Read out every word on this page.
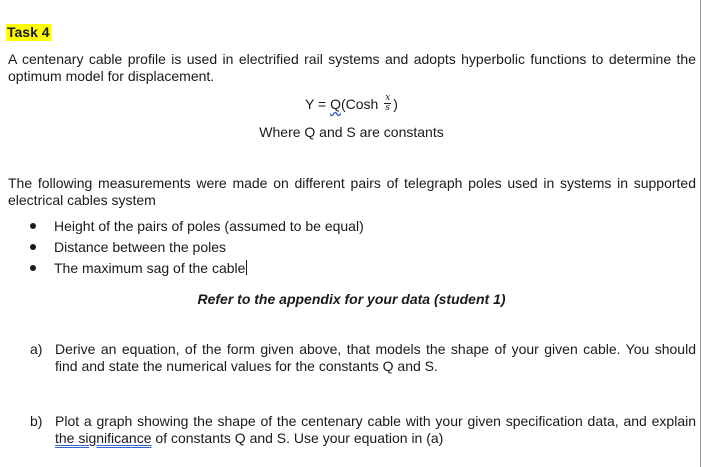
Task 4
A centenary cable profile is used in electrified rail systems and adopts hyperbolic functions to determine the optimum model for displacement.
Y = Q(Cosh $\frac{x}{s}$ )
Where Q and S are constants
The following measurements were made on different pairs of telegraph poles used in systems in supported electrical cables system
Height of the pairs of poles (assumed to be equal)
Distance between the poles
The maximum sag of the cable
Refer to the appendix for your data (student 1)
a) Derive an equation, of the form given above, that models the shape of your given cable. You should find and state the numerical values for the constants Q and S.
b) Plot a graph showing the shape of the centenary cable with your given specification data, and explain the significance of constants Q and S. Use your equation in (a)
